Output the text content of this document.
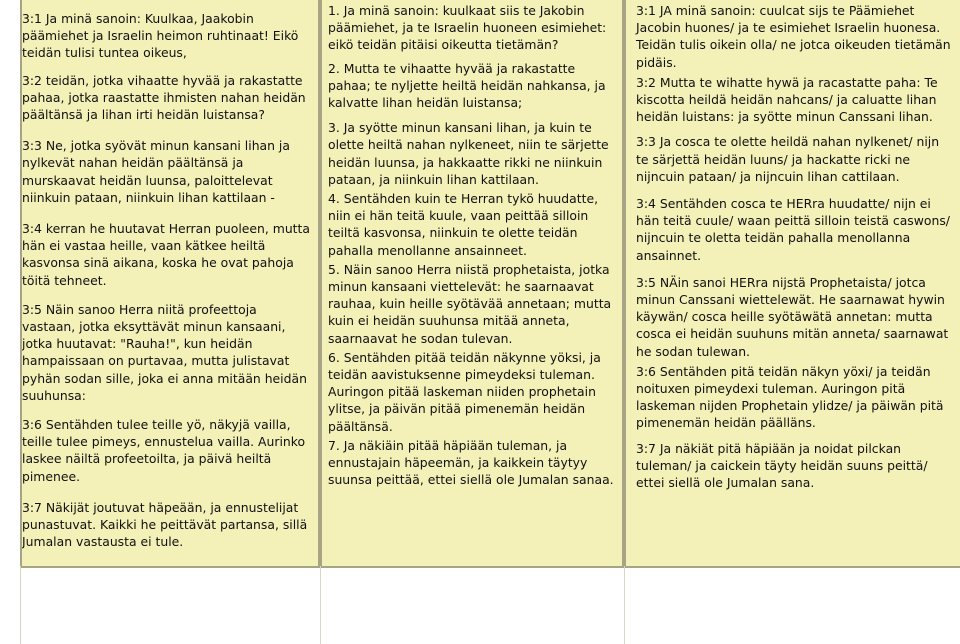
3:1 Ja minä sanoin: Kuulkaa, Jaakobin päämiehet ja Israelin heimon ruhtinaat! Eikö teidän tulisi tuntea oikeus,

3:2 teidän, jotka vihaatte hyvää ja rakastatte pahaa, jotka raastatte ihmisten nahan heidän päältänsä ja lihan irti heidän luistansa?

3:3 Ne, jotka syövät minun kansani lihan ja nylkevät nahan heidän päältänsä ja murskaavat heidän luunsa, paloittelevat niinkuin pataan, niinkuin lihan kattilaan -

3:4 kerran he huutavat Herran puoleen, mutta hän ei vastaa heille, vaan kätkee heiltä kasvonsa sinä aikana, koska he ovat pahoja töitä tehneet.

3:5 Näin sanoo Herra niitä profeettoja vastaan, jotka eksyttävät minun kansaani, jotka huutavat: "Rauha!", kun heidän hampaissaan on purtavaa, mutta julistavat pyhän sodan sille, joka ei anna mitään heidän suuhunsa:

3:6 Sentähden tulee teille yö, näkyjä vailla, teille tulee pimeys, ennustelua vailla. Aurinko laskee näiltä profeetoilta, ja päivä heiltä pimenee.

3:7 Näkijät joutuvat häpeään, ja ennustelijat punastuvat. Kaikki he peittävät partansa, sillä Jumalan vastausta ei tule.

1. Ja minä sanoin: kuulkaat siis te Jakobin päämiehet, ja te Israelin huoneen esimiehet: eikö teidän pitäisi oikeutta tietämän?

2. Mutta te vihaatte hyvää ja rakastatte pahaa; te nyljette heiltä heidän nahkansa, ja kalvatte lihan heidän luistansa;

3. Ja syötte minun kansani lihan, ja kuin te olette heiltä nahan nylkeneet, niin te särjette heidän luunsa, ja hakkaatte rikki ne niinkuin pataan, ja niinkuin lihan kattilaan.

4. Sentähden kuin te Herran tykö huudatte, niin ei hän teitä kuule, vaan peittää silloin teiltä kasvonsa, niinkuin te olette teidän pahalla menollanne ansainneet.

5. Näin sanoo Herra niistä prophetaista, jotka minun kansaani viettelevät: he saarnaavat rauhaa, kuin heille syötävää annetaan; mutta kuin ei heidän suuhunsa mitää anneta, saarnaavat he sodan tulevan.

6. Sentähden pitää teidän näkynne yöksi, ja teidän aavistuksenne pimeydeksi tuleman. Auringon pitää laskeman niiden prophetain ylitse, ja päivän pitää pimenemän heidän päältänsä.

7. Ja näkiäin pitää häpiään tuleman, ja ennustajain häpeemän, ja kaikkein täytyy suunsa peittää, ettei siellä ole Jumalan sanaa.

3:1 JA minä sanoin: cuulcat sijs te Päämiehet Jacobin huones/ ja te esimiehet Israelin huonesa. Teidän tulis oikein olla/ ne jotca oikeuden tietämän pidäis.

3:2 Mutta te wihatte hywä ja racastatte paha: Te kiscotta heildä heidän nahcans/ ja caluatte lihan heidän luistans: ja syötte minun Canssani lihan.

3:3 Ja cosca te olette heildä nahan nylkenet/ nijn te särjettä heidän luuns/ ja hackatte ricki ne nijncuin pataan/ ja nijncuin lihan cattilaan.

3:4 Sentähden cosca te HERra huudatte/ nijn ei hän teitä cuule/ waan peittä silloin teistä caswons/ nijncuin te oletta teidän pahalla menollanna ansainnet.

3:5 NÄin sanoi HERra nijstä Prophetaista/ jotca minun Canssani wiettelewät. He saarnawat hywin käywän/ cosca heille syötäwätä annetan: mutta cosca ei heidän suuhuns mitän anneta/ saarnawat he sodan tulewan.

3:6 Sentähden pitä teidän näkyn yöxi/ ja teidän noituxen pimeydexi tuleman. Auringon pitä laskeman nijden Prophetain ylidze/ ja päiwän pitä pimenemän heidän päälläns.

3:7 Ja näkiät pitä häpiään ja noidat pilckan tuleman/ ja caickein täyty heidän suuns peittä/ ettei siellä ole Jumalan sana.
